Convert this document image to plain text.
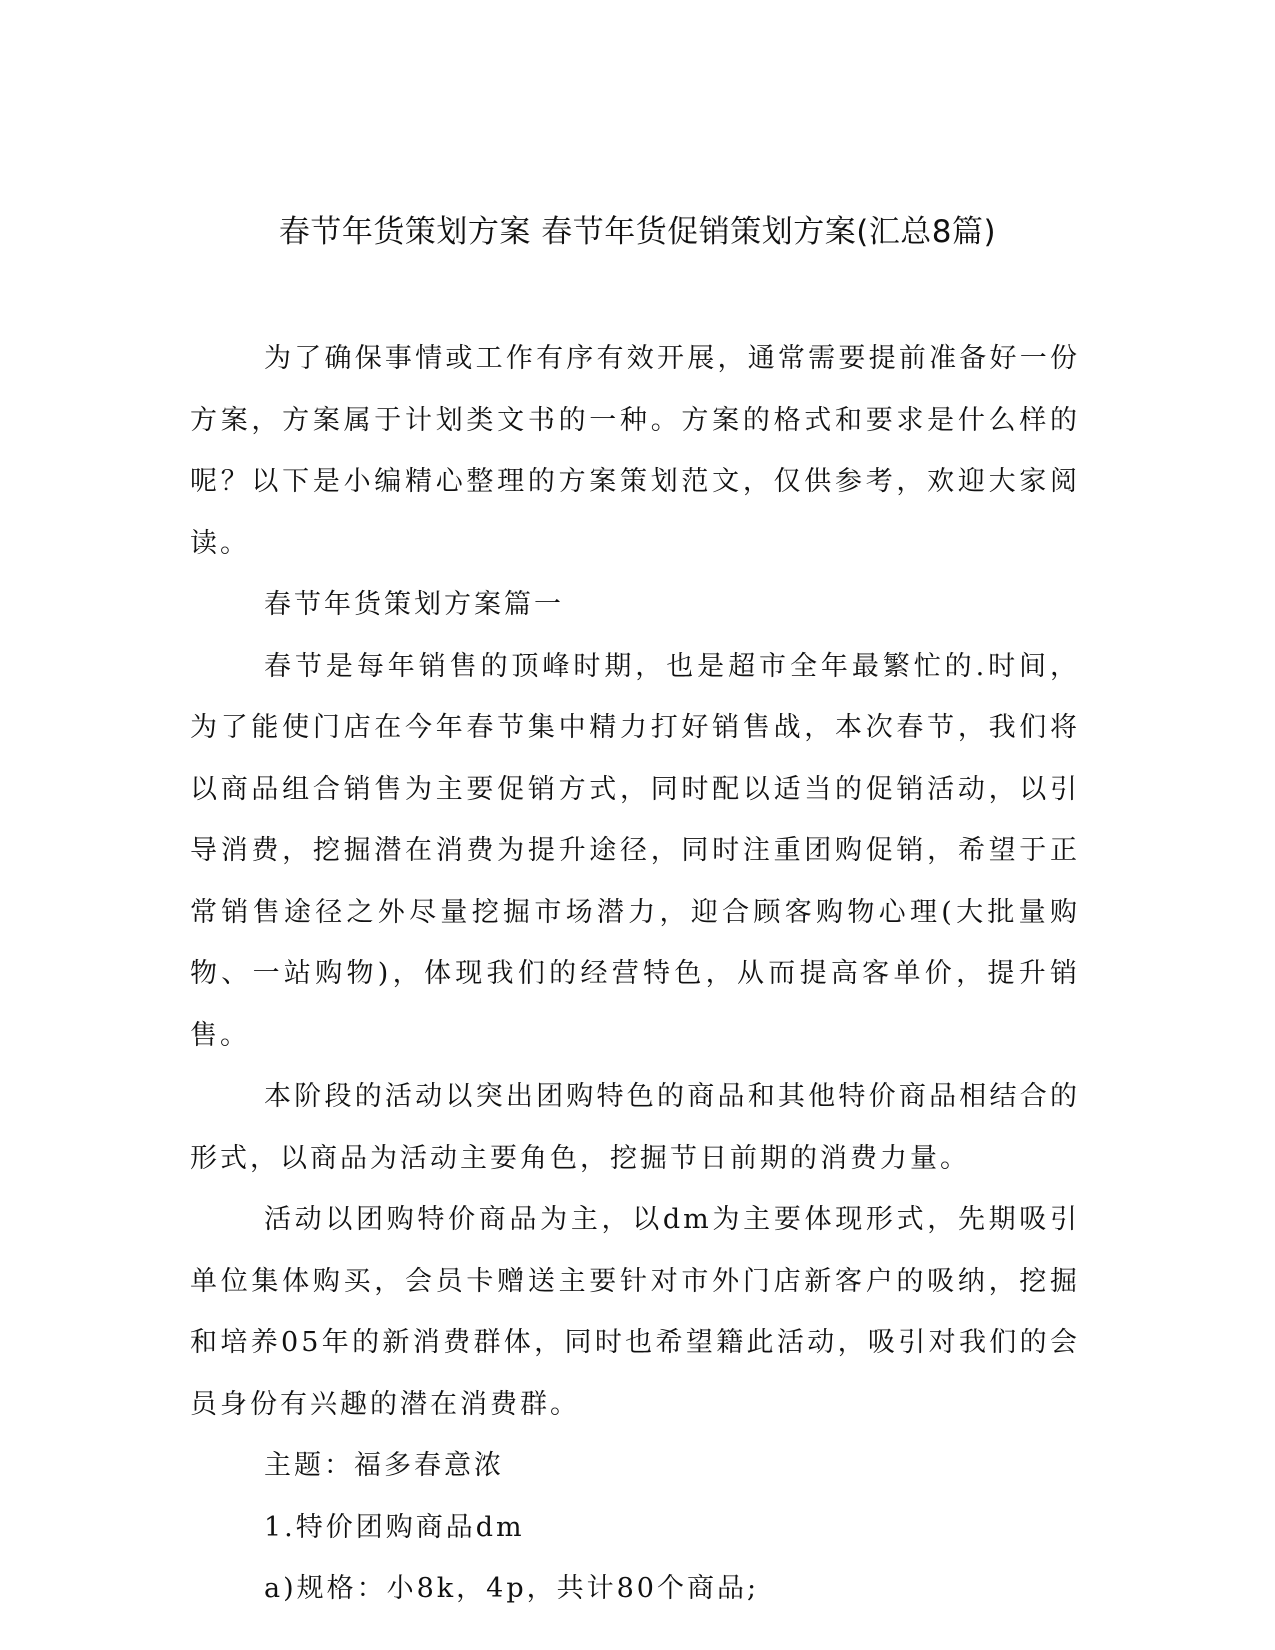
春节年货策划方案 春节年货促销策划方案(汇总8篇)

为了确保事情或工作有序有效开展，通常需要提前准备好一份方案，方案属于计划类文书的一种。方案的格式和要求是什么样的呢？以下是小编精心整理的方案策划范文，仅供参考，欢迎大家阅读。

春节年货策划方案篇一

春节是每年销售的顶峰时期，也是超市全年最繁忙的.时间，为了能使门店在今年春节集中精力打好销售战，本次春节，我们将以商品组合销售为主要促销方式，同时配以适当的促销活动，以引导消费，挖掘潜在消费为提升途径，同时注重团购促销，希望于正常销售途径之外尽量挖掘市场潜力，迎合顾客购物心理(大批量购物、一站购物)，体现我们的经营特色，从而提高客单价，提升销售。

本阶段的活动以突出团购特色的商品和其他特价商品相结合的形式，以商品为活动主要角色，挖掘节日前期的消费力量。

活动以团购特价商品为主，以dm为主要体现形式，先期吸引单位集体购买，会员卡赠送主要针对市外门店新客户的吸纳，挖掘和培养05年的新消费群体，同时也希望籍此活动，吸引对我们的会员身份有兴趣的潜在消费群。

主题：福多春意浓

1.特价团购商品dm

a)规格：小8k，4p，共计80个商品;
